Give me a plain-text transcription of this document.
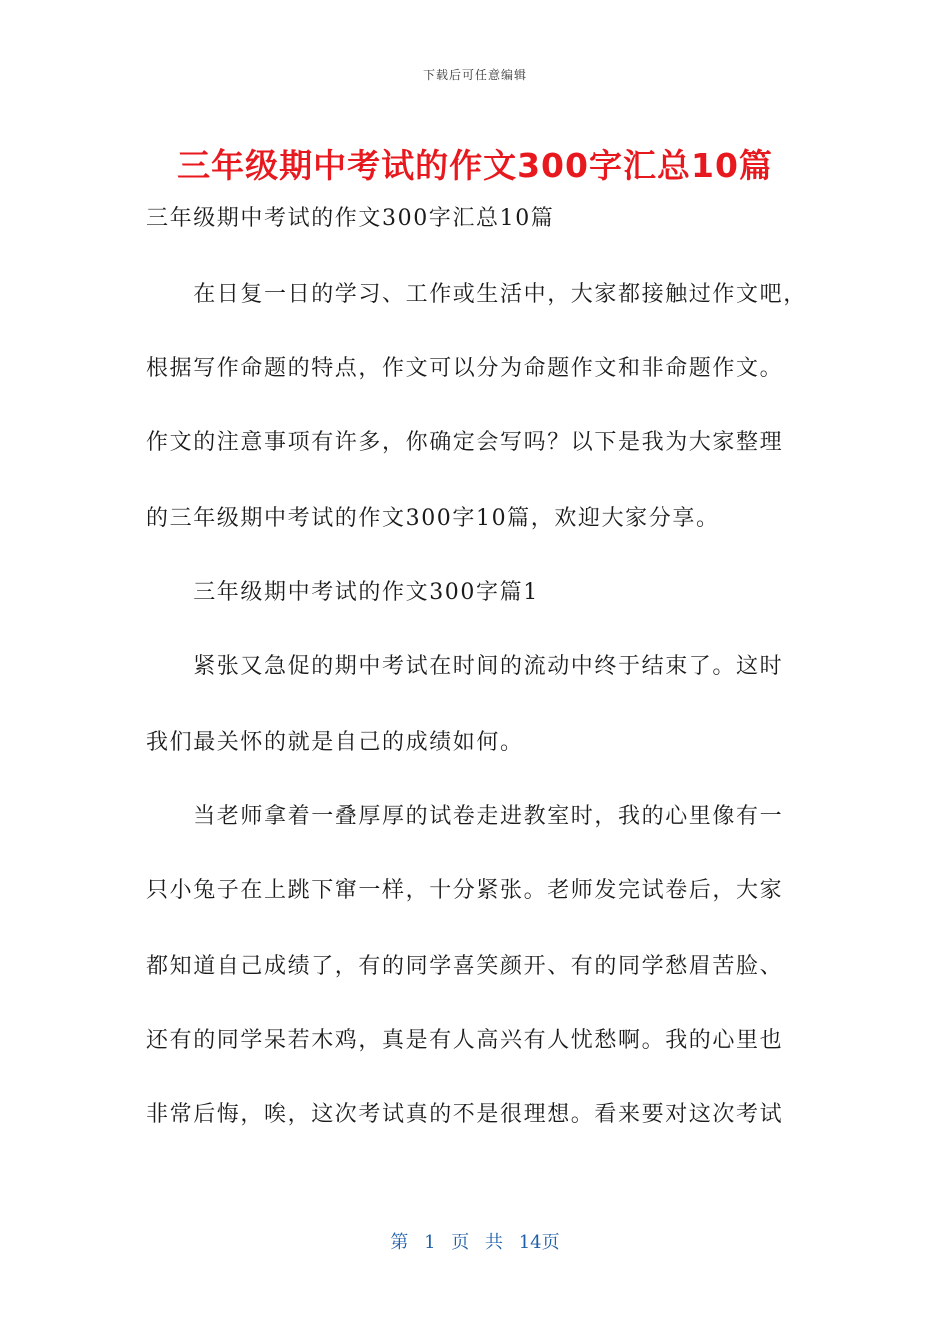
下载后可任意编辑
三年级期中考试的作文300字汇总10篇
三年级期中考试的作文300字汇总10篇
　　在日复一日的学习、工作或生活中，大家都接触过作文吧，
根据写作命题的特点，作文可以分为命题作文和非命题作文。
作文的注意事项有许多，你确定会写吗？以下是我为大家整理
的三年级期中考试的作文300字10篇，欢迎大家分享。
　　三年级期中考试的作文300字篇1
　　紧张又急促的期中考试在时间的流动中终于结束了。这时
我们最关怀的就是自己的成绩如何。
　　当老师拿着一叠厚厚的试卷走进教室时，我的心里像有一
只小兔子在上跳下窜一样，十分紧张。老师发完试卷后，大家
都知道自己成绩了，有的同学喜笑颜开、有的同学愁眉苦脸、
还有的同学呆若木鸡，真是有人高兴有人忧愁啊。我的心里也
非常后悔，唉，这次考试真的不是很理想。看来要对这次考试
第 1 页 共 14页
